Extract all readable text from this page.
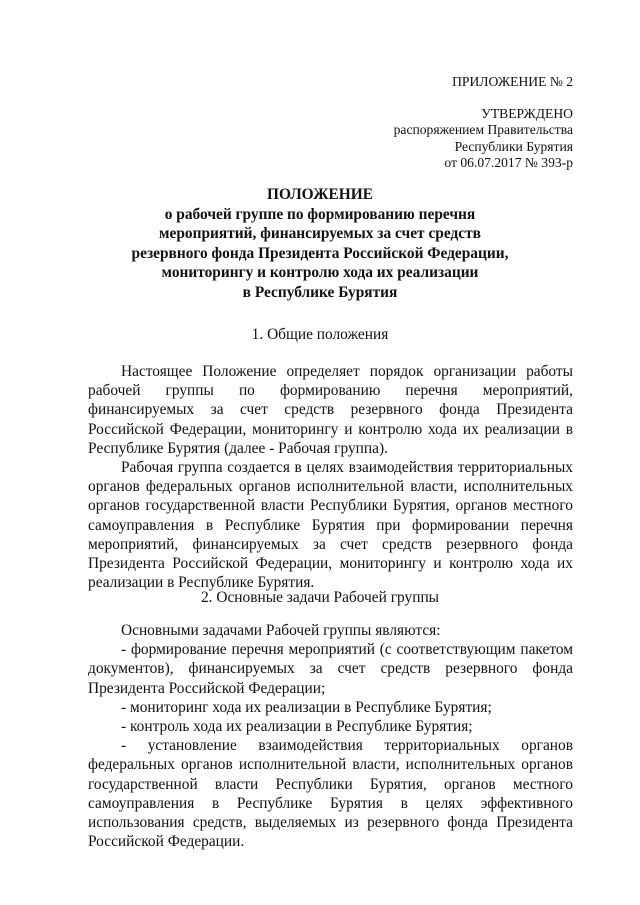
ПРИЛОЖЕНИЕ № 2
УТВЕРЖДЕНО
распоряжением Правительства
Республики Бурятия
от 06.07.2017 № 393-р
ПОЛОЖЕНИЕ
о рабочей группе по формированию перечня
мероприятий, финансируемых за счет средств
резервного фонда Президента Российской Федерации,
мониторингу и контролю хода их реализации
в Республике Бурятия
1. Общие положения

Настоящее Положение определяет порядок организации работы рабочей группы по формированию перечня мероприятий, финансируемых за счет средств резервного фонда Президента Российской Федерации, мониторингу и контролю хода их реализации в Республике Бурятия (далее - Рабочая группа).

Рабочая группа создается в целях взаимодействия территориальных органов федеральных органов исполнительной власти, исполнительных органов государственной власти Республики Бурятия, органов местного самоуправления в Республике Бурятия при формировании перечня мероприятий, финансируемых за счет средств резервного фонда Президента Российской Федерации, мониторингу и контролю хода их реализации в Республике Бурятия.

2. Основные задачи Рабочей группы

Основными задачами Рабочей группы являются:

- формирование перечня мероприятий (с соответствующим пакетом документов), финансируемых за счет средств резервного фонда Президента Российской Федерации;

- мониторинг хода их реализации в Республике Бурятия;

- контроль хода их реализации в Республике Бурятия;

- установление взаимодействия территориальных органов федеральных органов исполнительной власти, исполнительных органов государственной власти Республики Бурятия, органов местного самоуправления в Республике Бурятия в целях эффективного использования средств, выделяемых из резервного фонда Президента Российской Федерации.
